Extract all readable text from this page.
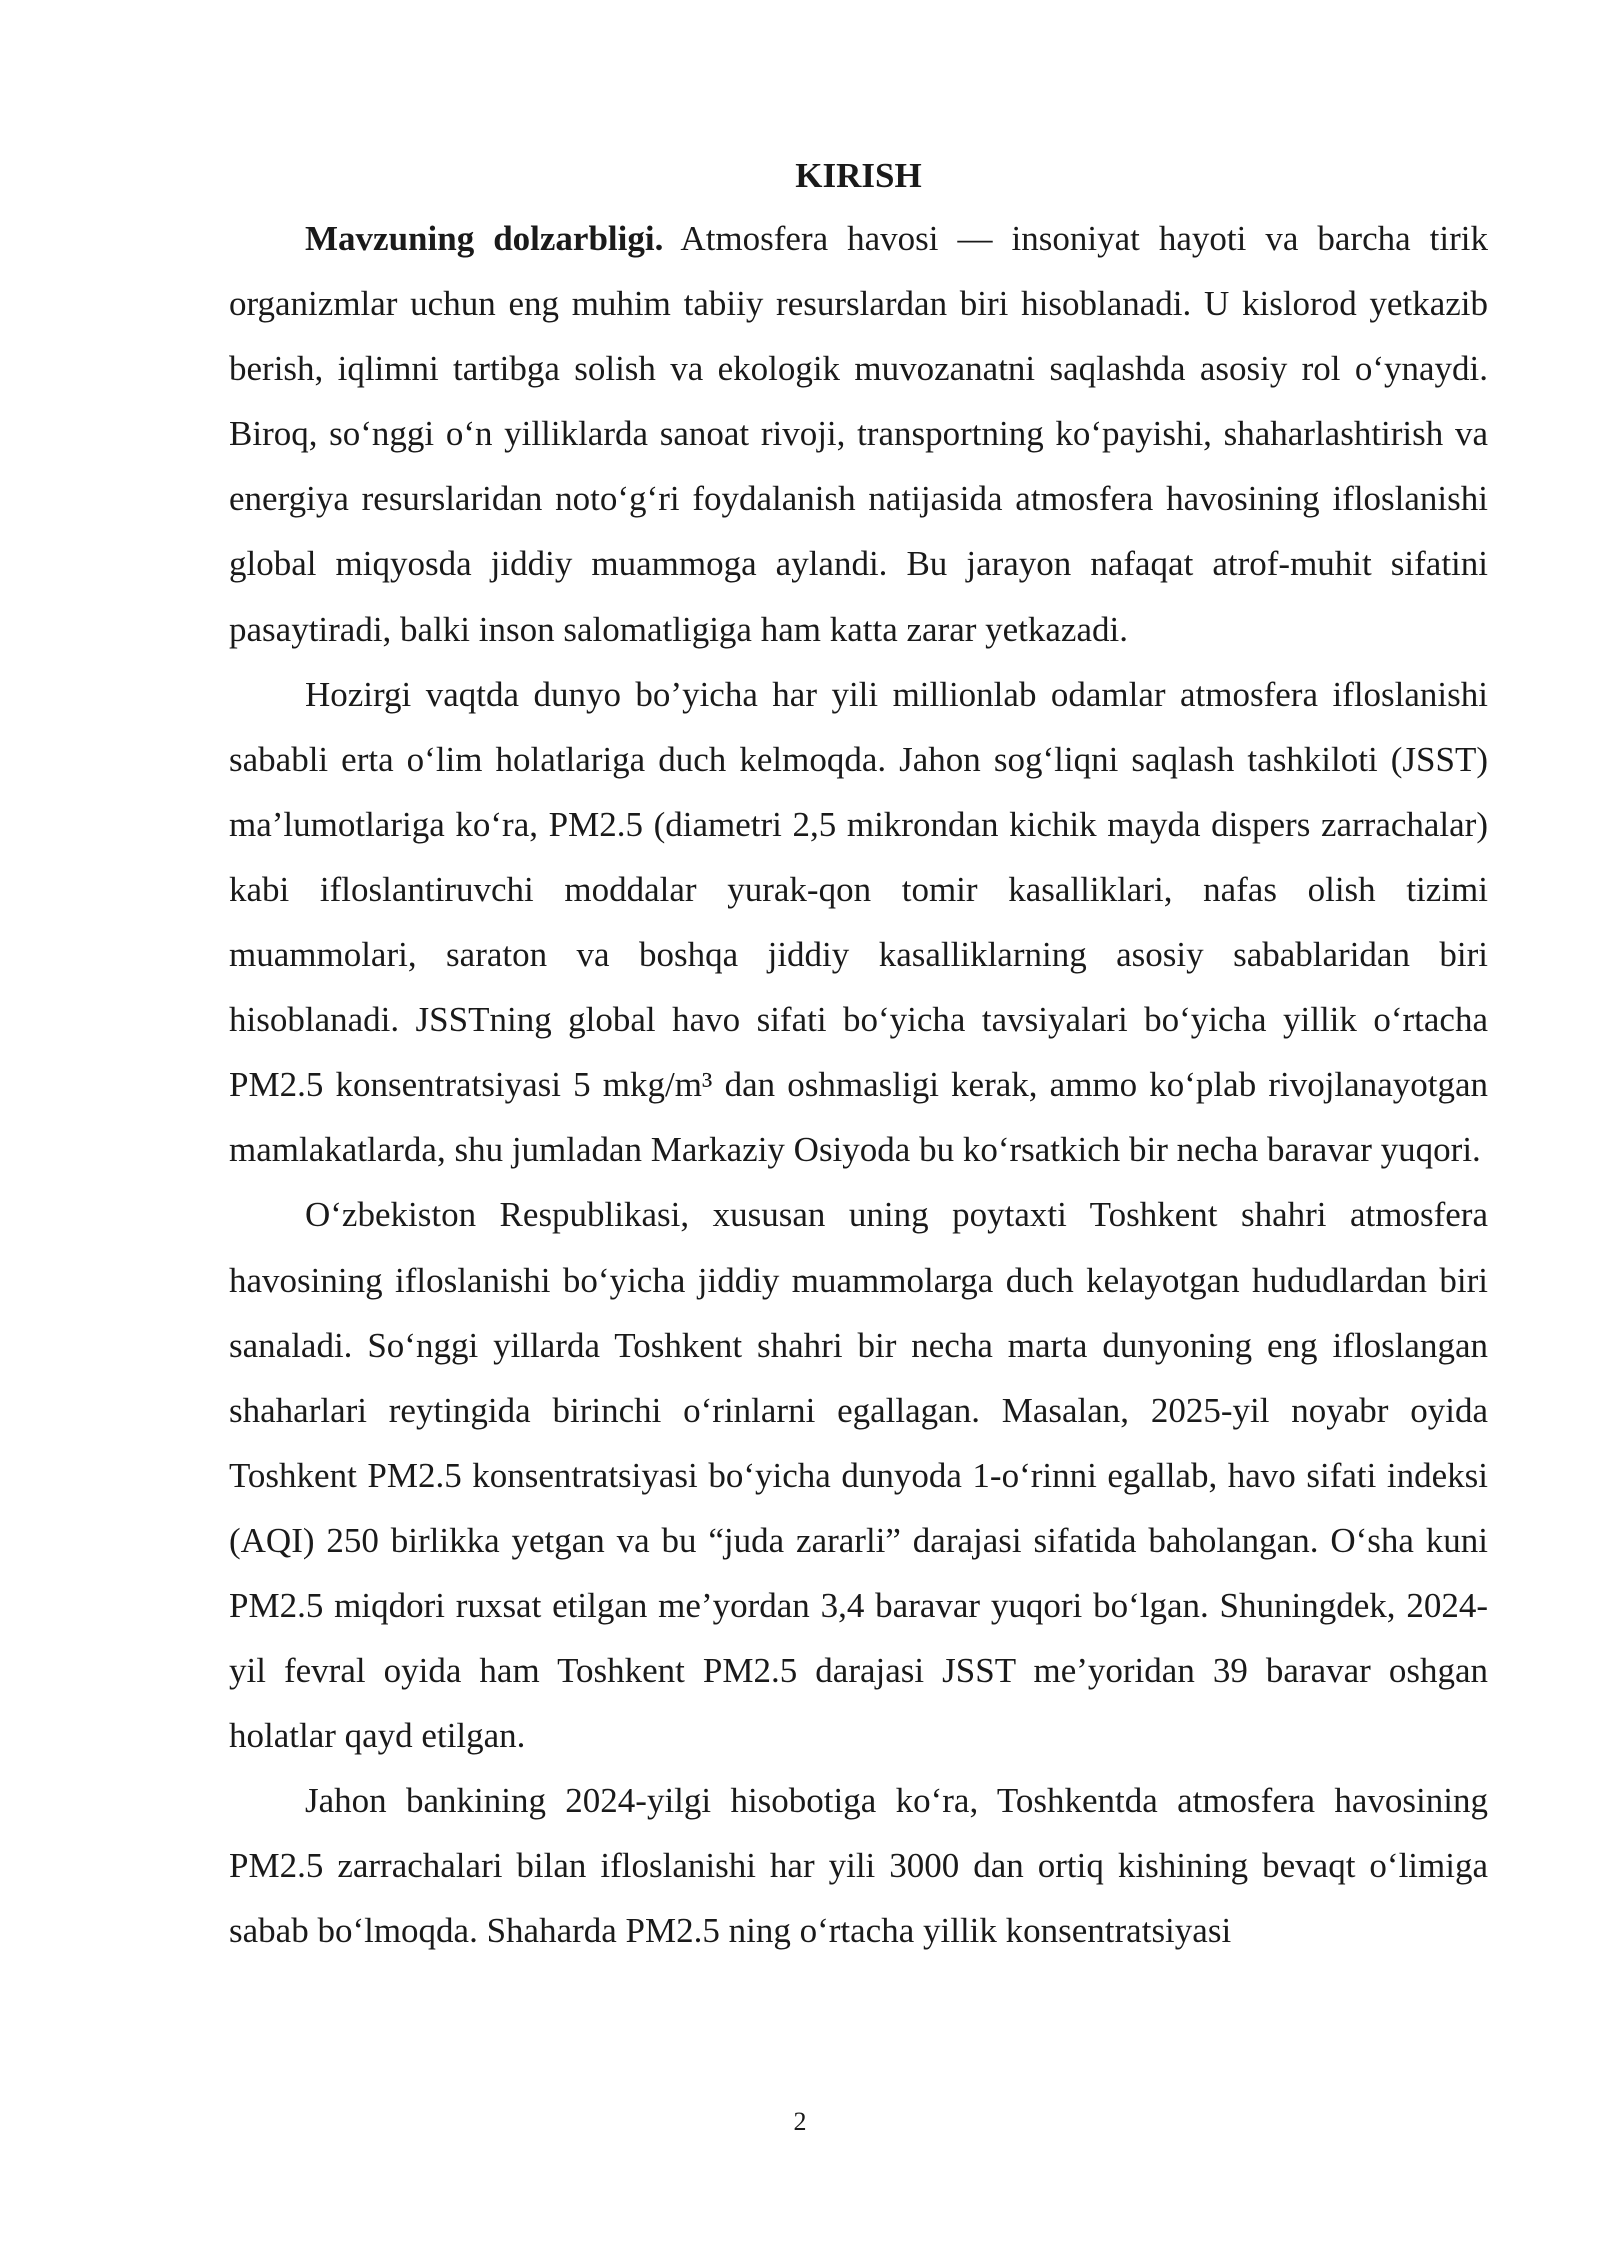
KIRISH

Mavzuning dolzarbligi. Atmosfera havosi — insoniyat hayoti va barcha tirik organizmlar uchun eng muhim tabiiy resurslardan biri hisoblanadi. U kislorod yetkazib berish, iqlimni tartibga solish va ekologik muvozanatni saqlashda asosiy rol o‘ynaydi. Biroq, so‘nggi o‘n yilliklarda sanoat rivoji, transportning ko‘payishi, shaharlashtirish va energiya resurslaridan noto‘g‘ri foydalanish natijasida atmosfera havosining ifloslanishi global miqyosda jiddiy muammoga aylandi. Bu jarayon nafaqat atrof-muhit sifatini pasaytiradi, balki inson salomatligiga ham katta zarar yetkazadi.

Hozirgi vaqtda dunyo bo’yicha har yili millionlab odamlar atmosfera ifloslanishi sababli erta o‘lim holatlariga duch kelmoqda. Jahon sog‘liqni saqlash tashkiloti (JSST) ma’lumotlariga ko‘ra, PM2.5 (diametri 2,5 mikrondan kichik mayda dispers zarrachalar) kabi ifloslantiruvchi moddalar yurak-qon tomir kasalliklari, nafas olish tizimi muammolari, saraton va boshqa jiddiy kasalliklarning asosiy sabablaridan biri hisoblanadi. JSSTning global havo sifati bo‘yicha tavsiyalari bo‘yicha yillik o‘rtacha PM2.5 konsentratsiyasi 5 mkg/m³ dan oshmasligi kerak, ammo ko‘plab rivojlanayotgan mamlakatlarda, shu jumladan Markaziy Osiyoda bu ko‘rsatkich bir necha baravar yuqori.

O‘zbekiston Respublikasi, xususan uning poytaxti Toshkent shahri atmosfera havosining ifloslanishi bo‘yicha jiddiy muammolarga duch kelayotgan hududlardan biri sanaladi. So‘nggi yillarda Toshkent shahri bir necha marta dunyoning eng ifloslangan shaharlari reytingida birinchi o‘rinlarni egallagan. Masalan, 2025-yil noyabr oyida Toshkent PM2.5 konsentratsiyasi bo‘yicha dunyoda 1-o‘rinni egallab, havo sifati indeksi (AQI) 250 birlikka yetgan va bu “juda zararli” darajasi sifatida baholangan. O‘sha kuni PM2.5 miqdori ruxsat etilgan me’yordan 3,4 baravar yuqori bo‘lgan. Shuningdek, 2024-yil fevral oyida ham Toshkent PM2.5 darajasi JSST me’yoridan 39 baravar oshgan holatlar qayd etilgan.

Jahon bankining 2024-yilgi hisobotiga ko‘ra, Toshkentda atmosfera havosining PM2.5 zarrachalari bilan ifloslanishi har yili 3000 dan ortiq kishining bevaqt o‘limiga sabab bo‘lmoqda. Shaharda PM2.5 ning o‘rtacha yillik konsentratsiyasi

2
